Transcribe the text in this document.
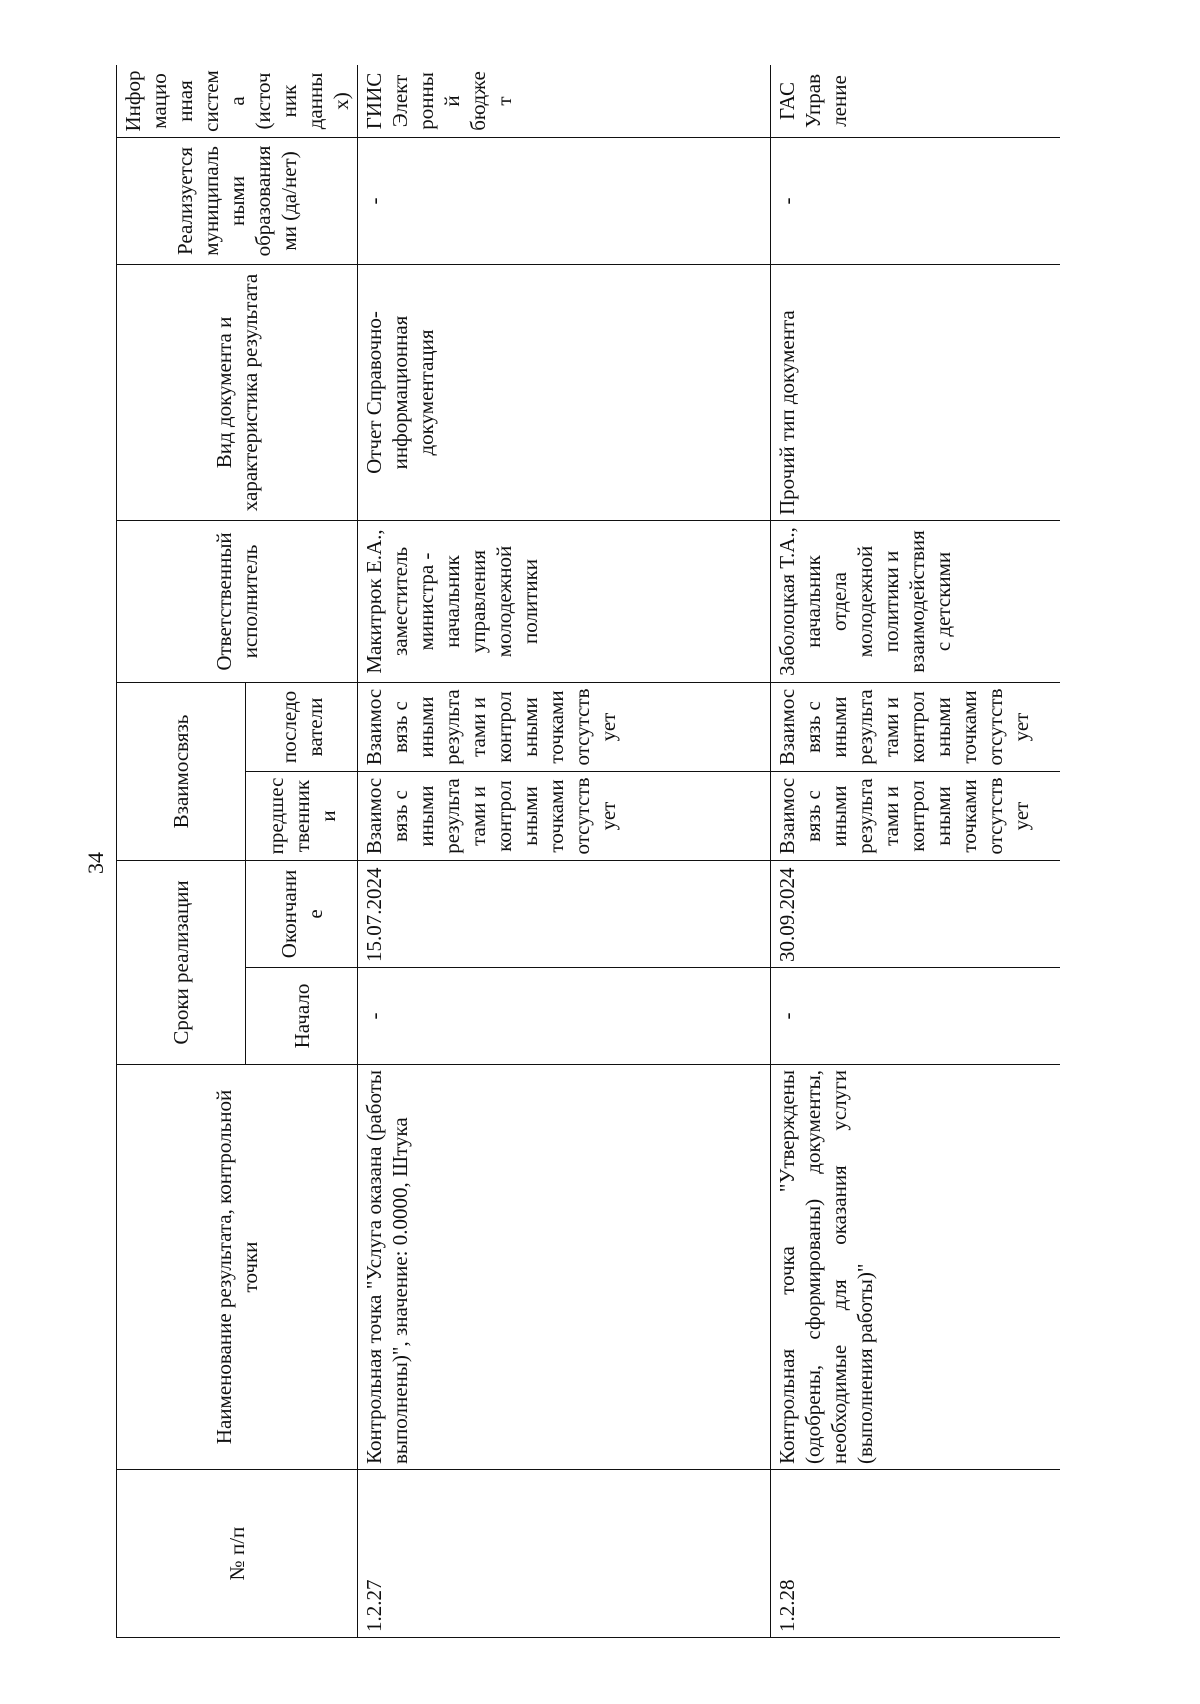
34
№ п/п	Наименование результата, контрольной точки	Сроки реализации		Взаимосвязь		Ответственный исполнитель	Вид документа и характеристика результата	Реализуется муниципальными образованиями (да/нет)	Информационная система (источник данных)
		Начало	Окончание	предшественники	последователи				
1.2.27	Контрольная точка "Услуга оказана (работы выполнены)", значение: 0.0000, Штука	-	15.07.2024	Взаимосвязь с иными результатами и контрольными точками отсутствует	Взаимосвязь с иными результатами и контрольными точками отсутствует	Макитрюк Е.А., заместитель министра - начальник управления молодежной политики	Отчет Справочно-информационная документация	-	ГИИС Электронный бюджет
1.2.28	Контрольная точка "Утверждены (одобрены, сформированы) документы, необходимые для оказания услуги (выполнения работы)"	-	30.09.2024	Взаимосвязь с иными результатами и контрольными точками отсутствует	Взаимосвязь с иными результатами и контрольными точками отсутствует	Заболоцкая Т.А., начальник отдела молодежной политики и взаимодействия с детскими	Прочий тип документа	-	ГАС Управление
